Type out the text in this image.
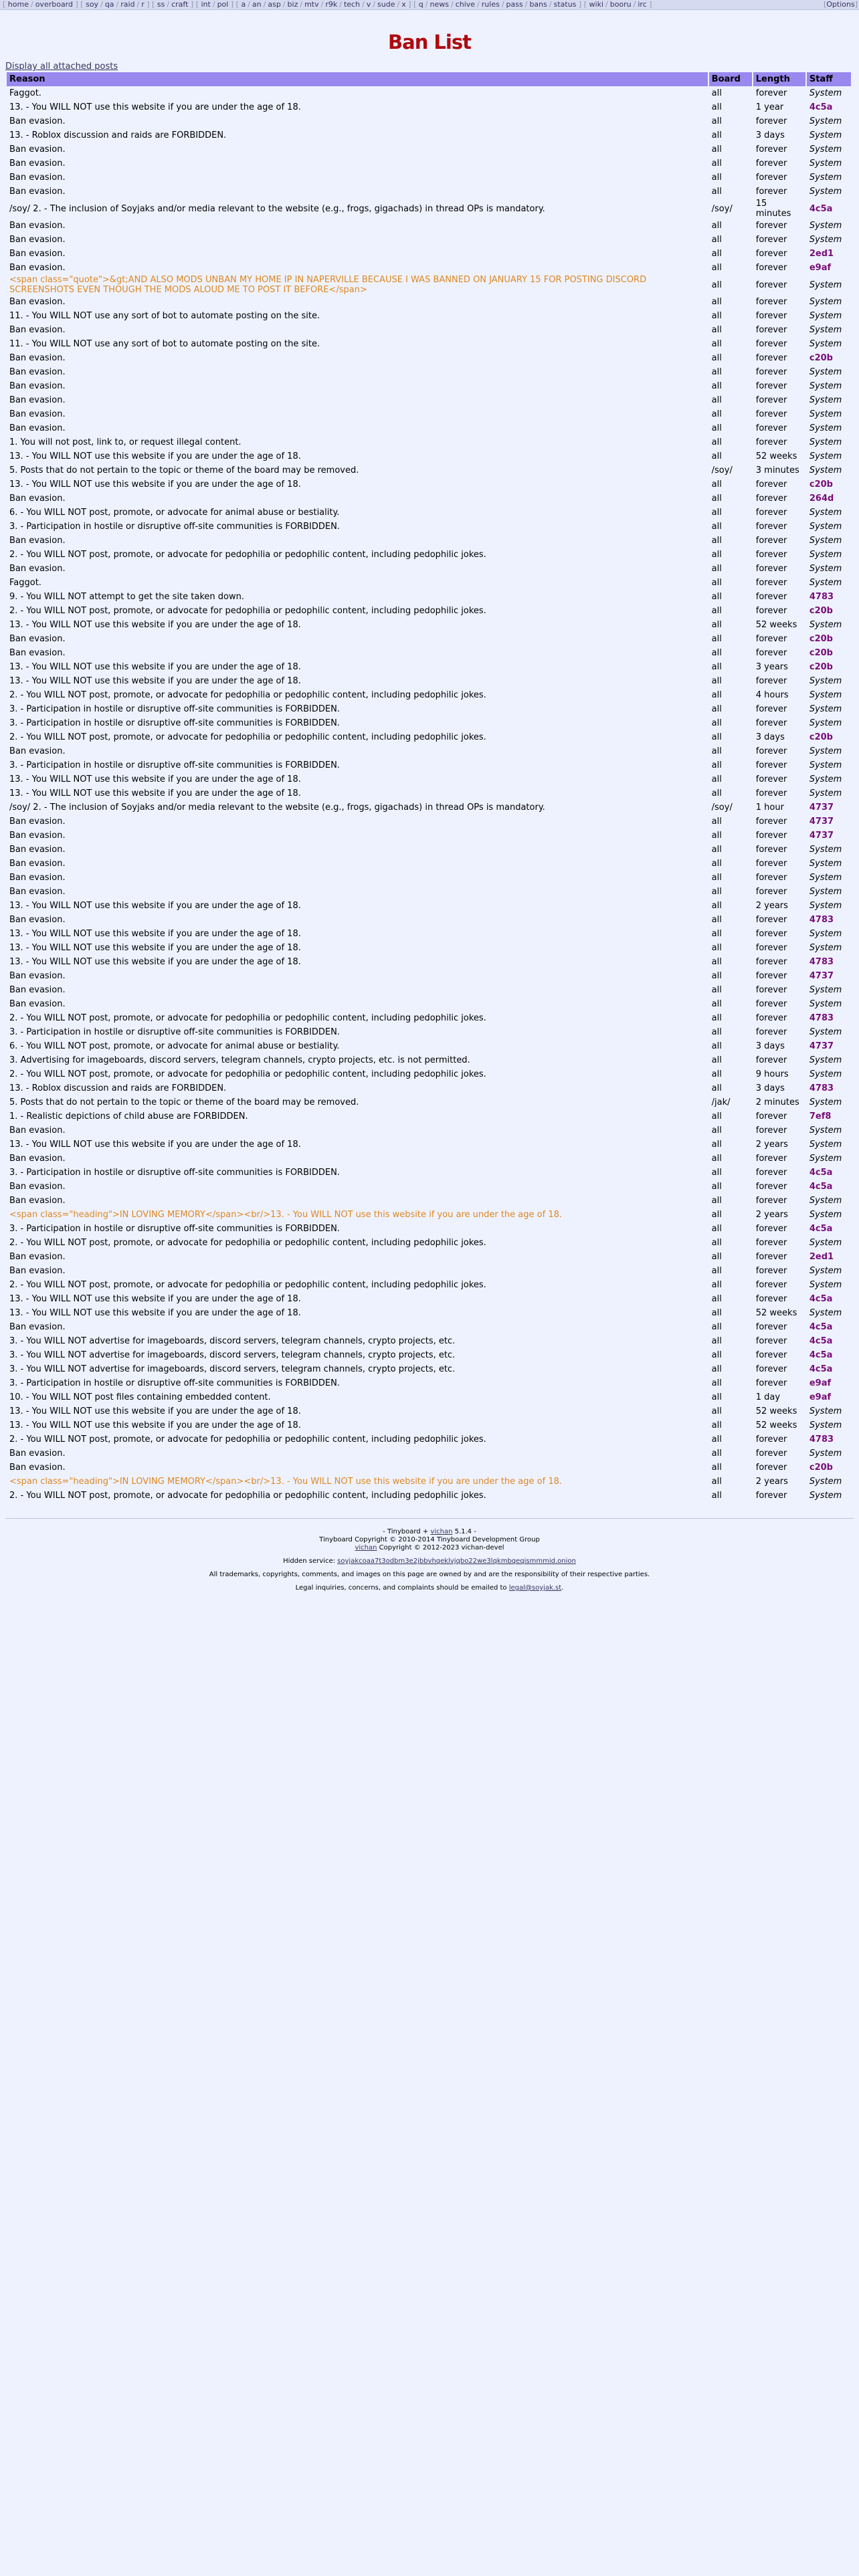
[ home / overboard ] [ soy / qa / raid / r ] [ ss / craft ] [ int / pol ] [ a / an / asp / biz / mtv / r9k / tech / v / sude / x ] [ q / news / chive / rules / pass / bans / status ] [ wiki / booru / irc ]	[Options]
Ban List
Display all attached posts
Reason	Board	Length	Staff
Faggot.	all	forever	System
13. - You WILL NOT use this website if you are under the age of 18.	all	1 year	4c5a
Ban evasion.	all	forever	System
13. - Roblox discussion and raids are FORBIDDEN.	all	3 days	System
Ban evasion.	all	forever	System
Ban evasion.	all	forever	System
Ban evasion.	all	forever	System
Ban evasion.	all	forever	System
/soy/ 2. - The inclusion of Soyjaks and/or media relevant to the website (e.g., frogs, gigachads) in thread OPs is mandatory.	/soy/	15 minutes	4c5a
Ban evasion.	all	forever	System
Ban evasion.	all	forever	System
Ban evasion.	all	forever	2ed1
Ban evasion.	all	forever	e9af
<span class="quote">&gt;AND ALSO MODS UNBAN MY HOME IP IN NAPERVILLE BECAUSE I WAS BANNED ON JANUARY 15 FOR POSTING DISCORD SCREENSHOTS EVEN THOUGH THE MODS ALOUD ME TO POST IT BEFORE</span>	all	forever	System
Ban evasion.	all	forever	System
11. - You WILL NOT use any sort of bot to automate posting on the site.	all	forever	System
Ban evasion.	all	forever	System
11. - You WILL NOT use any sort of bot to automate posting on the site.	all	forever	System
Ban evasion.	all	forever	c20b
Ban evasion.	all	forever	System
Ban evasion.	all	forever	System
Ban evasion.	all	forever	System
Ban evasion.	all	forever	System
Ban evasion.	all	forever	System
1. You will not post, link to, or request illegal content.	all	forever	System
13. - You WILL NOT use this website if you are under the age of 18.	all	52 weeks	System
5. Posts that do not pertain to the topic or theme of the board may be removed.	/soy/	3 minutes	System
13. - You WILL NOT use this website if you are under the age of 18.	all	forever	c20b
Ban evasion.	all	forever	264d
6. - You WILL NOT post, promote, or advocate for animal abuse or bestiality.	all	forever	System
3. - Participation in hostile or disruptive off-site communities is FORBIDDEN.	all	forever	System
Ban evasion.	all	forever	System
2. - You WILL NOT post, promote, or advocate for pedophilia or pedophilic content, including pedophilic jokes.	all	forever	System
Ban evasion.	all	forever	System
Faggot.	all	forever	System
9. - You WILL NOT attempt to get the site taken down.	all	forever	4783
2. - You WILL NOT post, promote, or advocate for pedophilia or pedophilic content, including pedophilic jokes.	all	forever	c20b
13. - You WILL NOT use this website if you are under the age of 18.	all	52 weeks	System
Ban evasion.	all	forever	c20b
Ban evasion.	all	forever	c20b
13. - You WILL NOT use this website if you are under the age of 18.	all	3 years	c20b
13. - You WILL NOT use this website if you are under the age of 18.	all	forever	System
2. - You WILL NOT post, promote, or advocate for pedophilia or pedophilic content, including pedophilic jokes.	all	4 hours	System
3. - Participation in hostile or disruptive off-site communities is FORBIDDEN.	all	forever	System
3. - Participation in hostile or disruptive off-site communities is FORBIDDEN.	all	forever	System
2. - You WILL NOT post, promote, or advocate for pedophilia or pedophilic content, including pedophilic jokes.	all	3 days	c20b
Ban evasion.	all	forever	System
3. - Participation in hostile or disruptive off-site communities is FORBIDDEN.	all	forever	System
13. - You WILL NOT use this website if you are under the age of 18.	all	forever	System
13. - You WILL NOT use this website if you are under the age of 18.	all	forever	System
/soy/ 2. - The inclusion of Soyjaks and/or media relevant to the website (e.g., frogs, gigachads) in thread OPs is mandatory.	/soy/	1 hour	4737
Ban evasion.	all	forever	4737
Ban evasion.	all	forever	4737
Ban evasion.	all	forever	System
Ban evasion.	all	forever	System
Ban evasion.	all	forever	System
Ban evasion.	all	forever	System
13. - You WILL NOT use this website if you are under the age of 18.	all	2 years	System
Ban evasion.	all	forever	4783
13. - You WILL NOT use this website if you are under the age of 18.	all	forever	System
13. - You WILL NOT use this website if you are under the age of 18.	all	forever	System
13. - You WILL NOT use this website if you are under the age of 18.	all	forever	4783
Ban evasion.	all	forever	4737
Ban evasion.	all	forever	System
Ban evasion.	all	forever	System
2. - You WILL NOT post, promote, or advocate for pedophilia or pedophilic content, including pedophilic jokes.	all	forever	4783
3. - Participation in hostile or disruptive off-site communities is FORBIDDEN.	all	forever	System
6. - You WILL NOT post, promote, or advocate for animal abuse or bestiality.	all	3 days	4737
3. Advertising for imageboards, discord servers, telegram channels, crypto projects, etc. is not permitted.	all	forever	System
2. - You WILL NOT post, promote, or advocate for pedophilia or pedophilic content, including pedophilic jokes.	all	9 hours	System
13. - Roblox discussion and raids are FORBIDDEN.	all	3 days	4783
5. Posts that do not pertain to the topic or theme of the board may be removed.	/jak/	2 minutes	System
1. - Realistic depictions of child abuse are FORBIDDEN.	all	forever	7ef8
Ban evasion.	all	forever	System
13. - You WILL NOT use this website if you are under the age of 18.	all	2 years	System
Ban evasion.	all	forever	System
3. - Participation in hostile or disruptive off-site communities is FORBIDDEN.	all	forever	4c5a
Ban evasion.	all	forever	4c5a
Ban evasion.	all	forever	System
<span class="heading">IN LOVING MEMORY</span><br/>13. - You WILL NOT use this website if you are under the age of 18.	all	2 years	System
3. - Participation in hostile or disruptive off-site communities is FORBIDDEN.	all	forever	4c5a
2. - You WILL NOT post, promote, or advocate for pedophilia or pedophilic content, including pedophilic jokes.	all	forever	System
Ban evasion.	all	forever	2ed1
Ban evasion.	all	forever	System
2. - You WILL NOT post, promote, or advocate for pedophilia or pedophilic content, including pedophilic jokes.	all	forever	System
13. - You WILL NOT use this website if you are under the age of 18.	all	forever	4c5a
13. - You WILL NOT use this website if you are under the age of 18.	all	52 weeks	System
Ban evasion.	all	forever	4c5a
3. - You WILL NOT advertise for imageboards, discord servers, telegram channels, crypto projects, etc.	all	forever	4c5a
3. - You WILL NOT advertise for imageboards, discord servers, telegram channels, crypto projects, etc.	all	forever	4c5a
3. - You WILL NOT advertise for imageboards, discord servers, telegram channels, crypto projects, etc.	all	forever	4c5a
3. - Participation in hostile or disruptive off-site communities is FORBIDDEN.	all	forever	e9af
10. - You WILL NOT post files containing embedded content.	all	1 day	e9af
13. - You WILL NOT use this website if you are under the age of 18.	all	52 weeks	System
13. - You WILL NOT use this website if you are under the age of 18.	all	52 weeks	System
2. - You WILL NOT post, promote, or advocate for pedophilia or pedophilic content, including pedophilic jokes.	all	forever	4783
Ban evasion.	all	forever	System
Ban evasion.	all	forever	c20b
<span class="heading">IN LOVING MEMORY</span><br/>13. - You WILL NOT use this website if you are under the age of 18.	all	2 years	System
2. - You WILL NOT post, promote, or advocate for pedophilia or pedophilic content, including pedophilic jokes.	all	forever	System

- Tinyboard + vichan 5.1.4 -
Tinyboard Copyright © 2010-2014 Tinyboard Development Group
vichan Copyright © 2012-2023 vichan-devel

Hidden service: soyjakcoaa7t3odbm3e2jbbvhqeklvjqbo22we3lqkmbqeqismmmid.onion

All trademarks, copyrights, comments, and images on this page are owned by and are the responsibility of their respective parties.

Legal inquiries, concerns, and complaints should be emailed to legal@soyjak.st.
